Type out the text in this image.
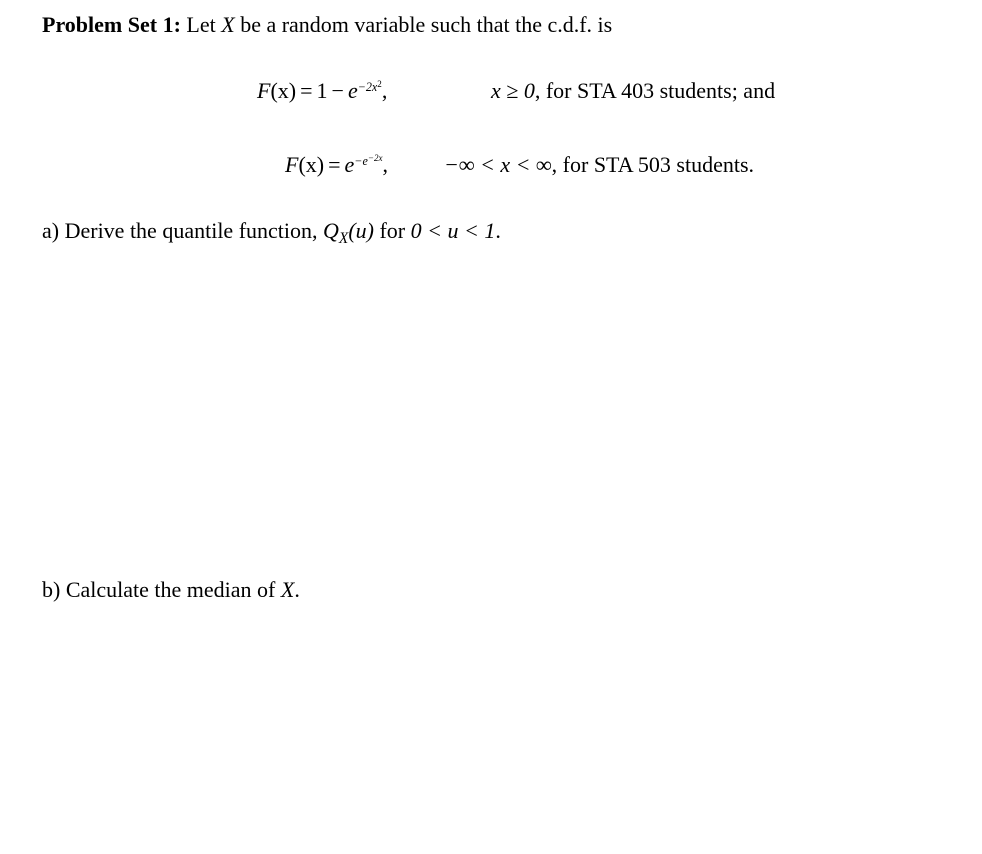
Problem Set 1: Let X be a random variable such that the c.d.f. is
$F(x) = 1 - e^{-2x^2}$,	x ≥ 0, for STA 403 students; and
$F(x) = e^{-e^{-2x}}$,	−∞ < x < ∞, for STA 503 students.
a) Derive the quantile function, $Q_X(u)$ for 0 < u < 1.
b) Calculate the median of X.
